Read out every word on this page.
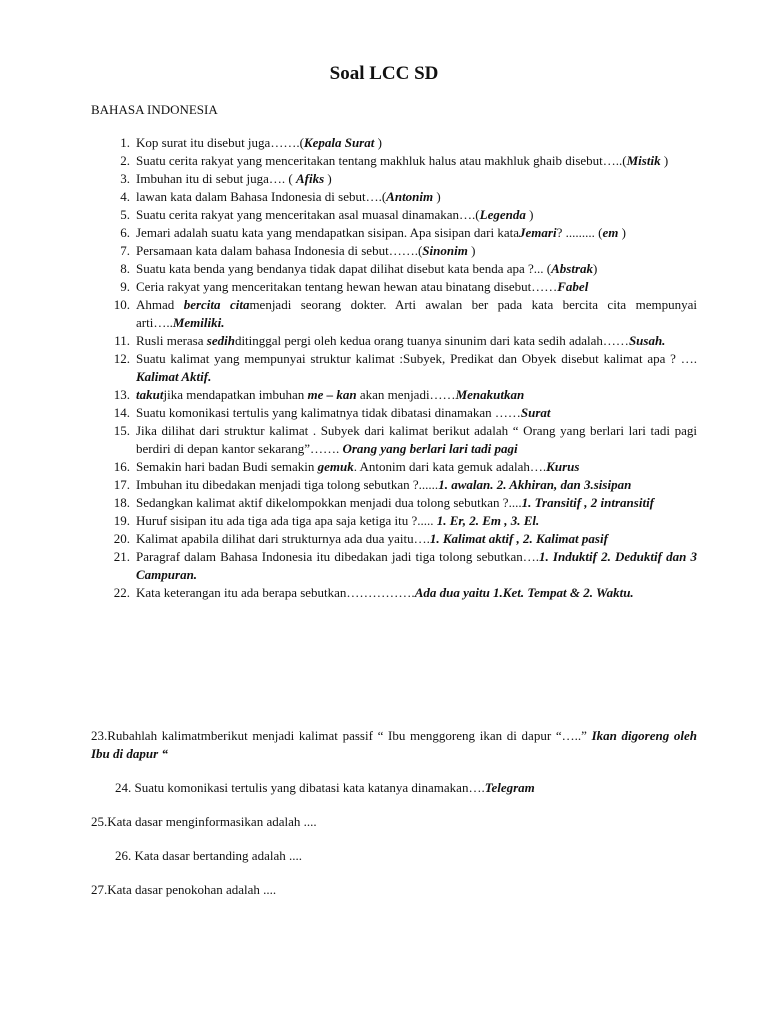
Soal LCC SD
BAHASA INDONESIA
1. Kop surat itu disebut juga…….(Kepala Surat )
2. Suatu cerita rakyat yang menceritakan tentang makhluk halus atau makhluk ghaib disebut…..(Mistik )
3. Imbuhan itu di sebut juga…. ( Afiks )
4. lawan kata dalam Bahasa Indonesia di sebut….(Antonim )
5. Suatu cerita rakyat yang menceritakan asal muasal dinamakan….(Legenda )
6. Jemari adalah suatu kata yang mendapatkan sisipan. Apa sisipan dari kataJemari? ......... (em )
7. Persamaan kata dalam bahasa Indonesia di sebut…….(Sinonim )
8. Suatu kata benda yang bendanya tidak dapat dilihat disebut kata benda apa ?... (Abstrak)
9. Ceria rakyat yang menceritakan tentang hewan hewan atau binatang disebut……Fabel
10. Ahmad bercita citamenjadi seorang dokter. Arti awalan ber pada kata bercita cita mempunyai arti…..Memiliki.
11. Rusli merasa sedihditinggal pergi oleh kedua orang tuanya sinunim dari kata sedih adalah……Susah.
12. Suatu kalimat yang mempunyai struktur kalimat :Subyek, Predikat dan Obyek disebut kalimat apa ? …. Kalimat Aktif.
13. takutjika mendapatkan imbuhan me – kan akan menjadi……Menakutkan
14. Suatu komonikasi tertulis yang kalimatnya tidak dibatasi dinamakan ……Surat
15. Jika dilihat dari struktur kalimat . Subyek dari kalimat berikut adalah “ Orang yang berlari lari tadi pagi berdiri di depan kantor sekarang”……. Orang yang berlari lari tadi pagi
16. Semakin hari badan Budi semakin gemuk. Antonim dari kata gemuk adalah….Kurus
17. Imbuhan itu dibedakan menjadi tiga tolong sebutkan ?......1. awalan. 2. Akhiran, dan 3.sisipan
18. Sedangkan kalimat aktif dikelompokkan menjadi dua tolong sebutkan ?....1. Transitif , 2 intransitif
19. Huruf sisipan itu ada tiga ada tiga apa saja ketiga itu ?..... 1. Er, 2. Em , 3. El.
20. Kalimat apabila dilihat dari strukturnya ada dua yaitu….1. Kalimat aktif , 2. Kalimat pasif
21. Paragraf dalam Bahasa Indonesia itu dibedakan jadi tiga tolong sebutkan….1. Induktif 2. Deduktif dan 3 Campuran.
22. Kata keterangan itu ada berapa sebutkan…………….Ada dua yaitu 1.Ket. Tempat & 2. Waktu.
23.Rubahlah kalimatmberikut menjadi kalimat passif “ Ibu menggoreng ikan di dapur “…..” Ikan digoreng oleh Ibu di dapur “
24. Suatu komonikasi tertulis yang dibatasi kata katanya dinamakan….Telegram
25.Kata dasar menginformasikan adalah ....
26. Kata dasar bertanding adalah ....
27.Kata dasar penokohan adalah ....
